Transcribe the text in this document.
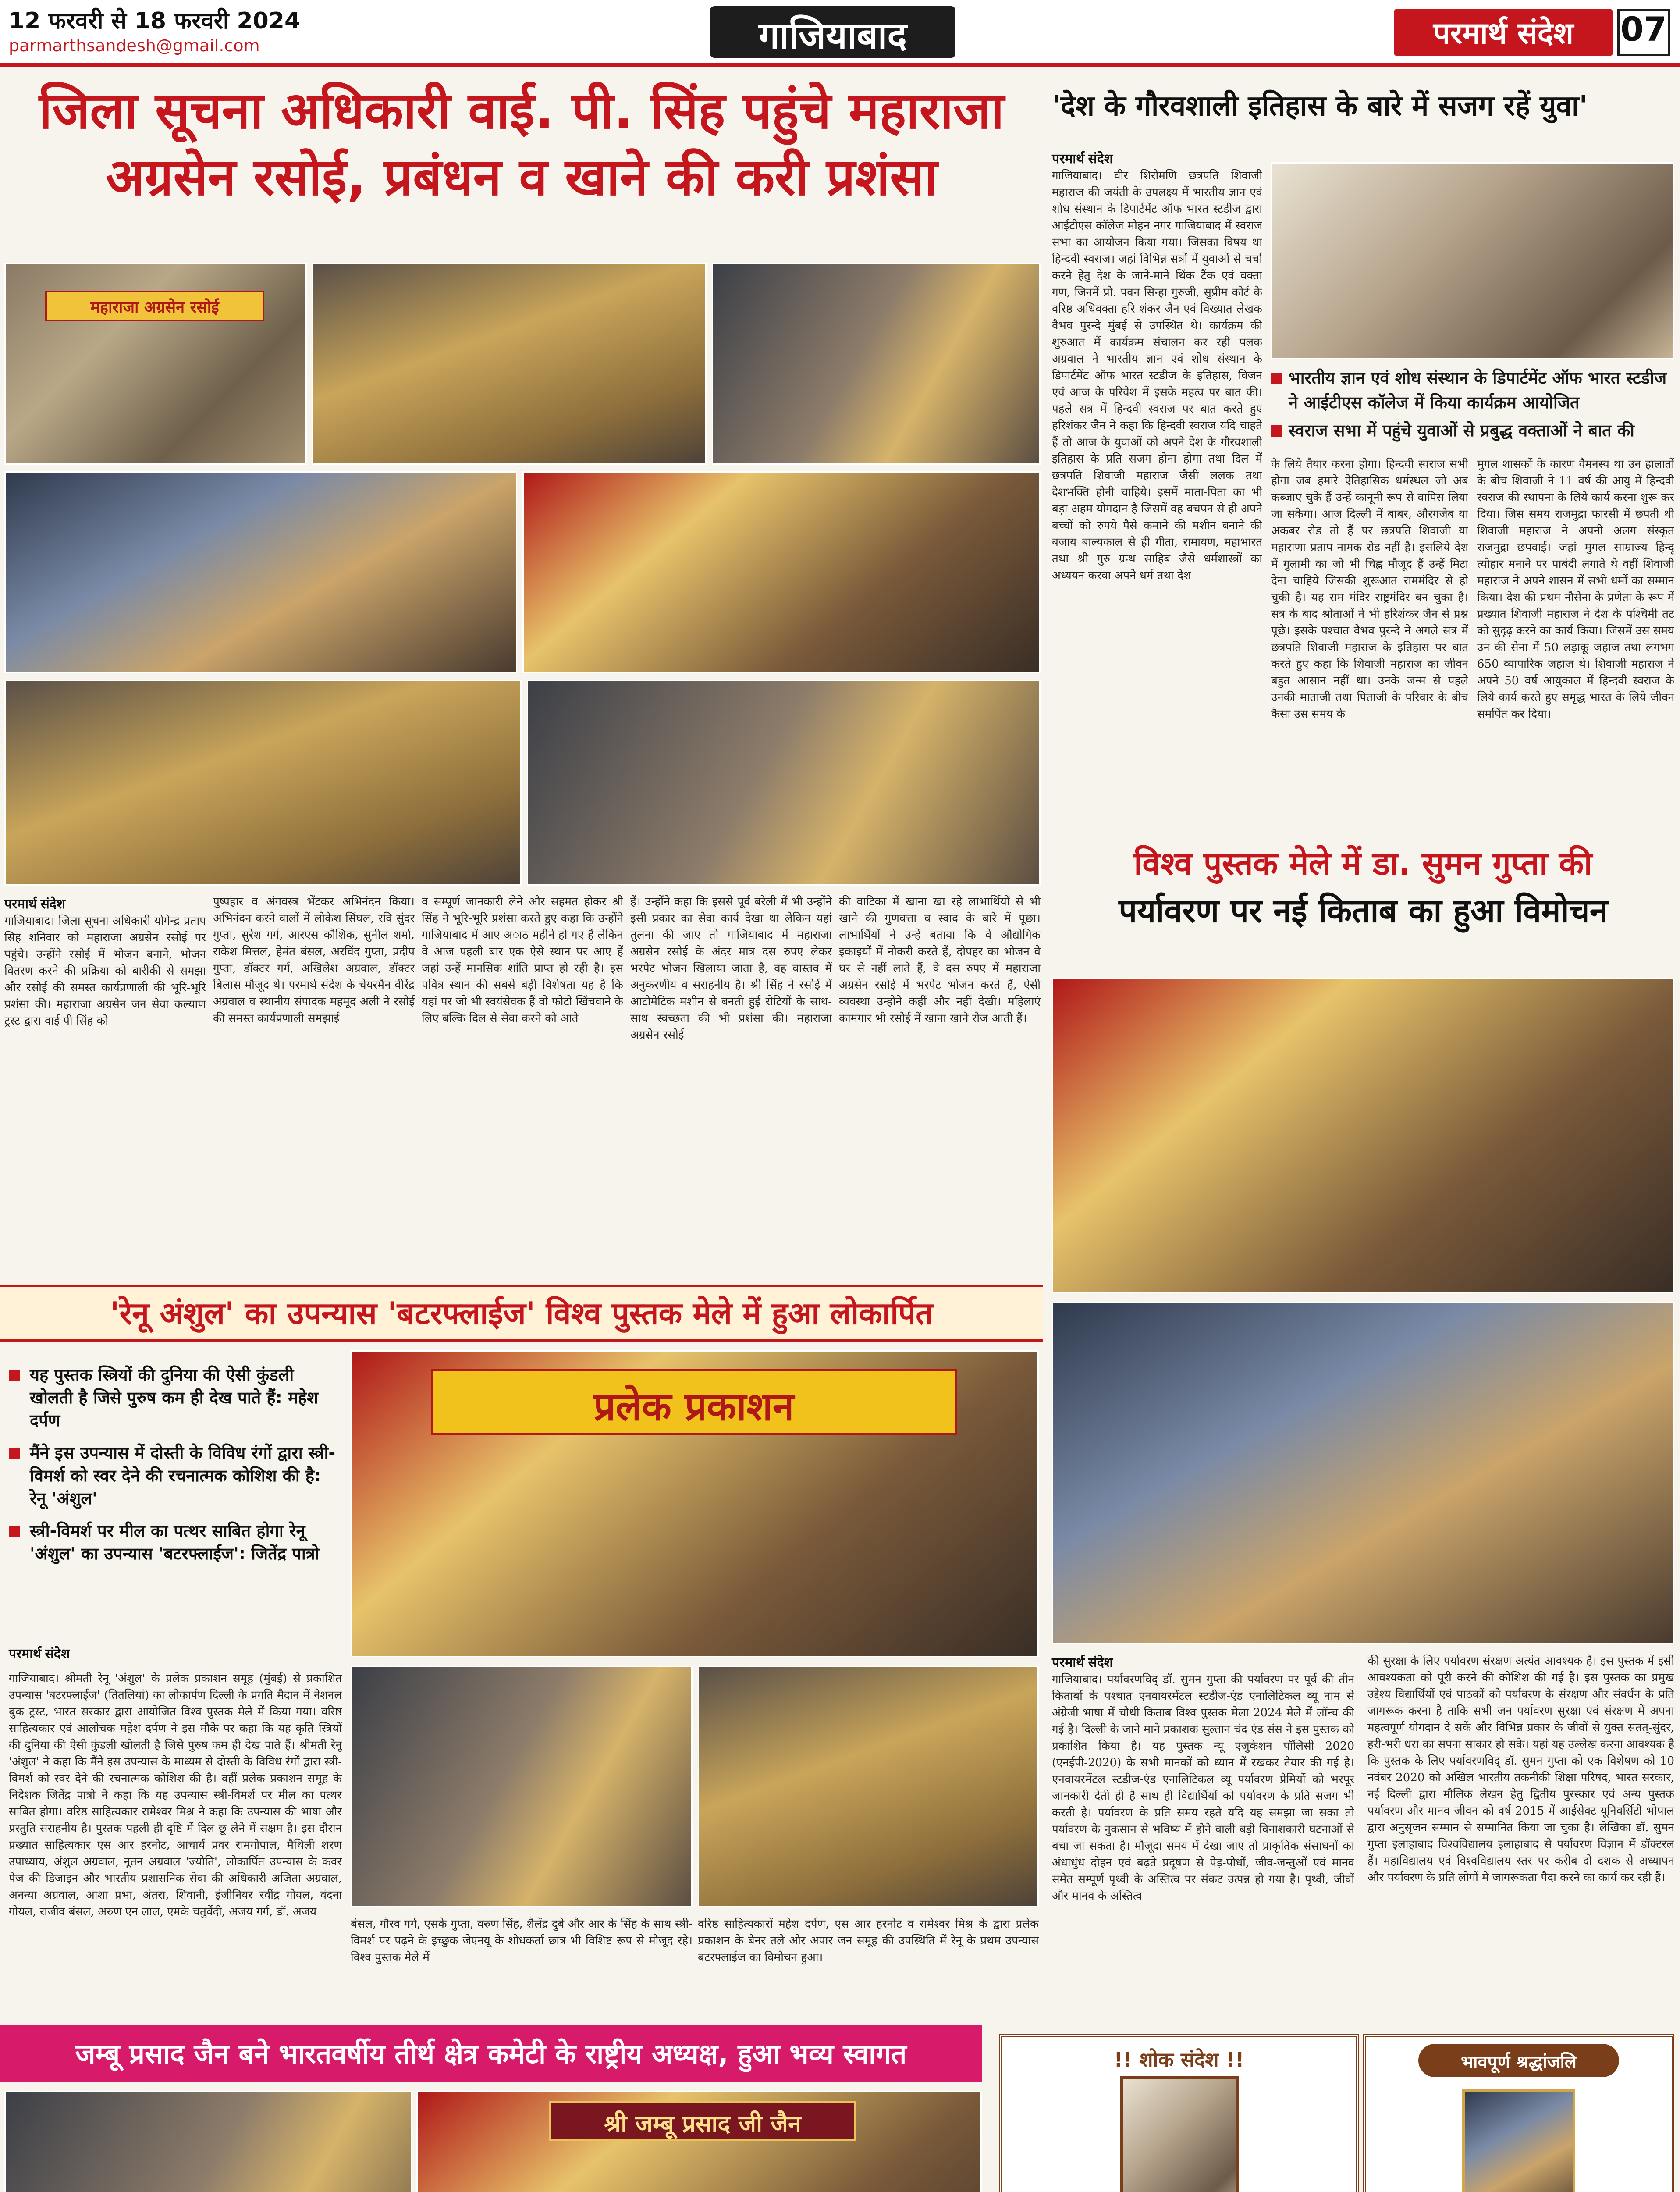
12 फरवरी से 18 फरवरी 2024
parmarthsandesh@gmail.com	गाजियाबाद	परमार्थ संदेश	07
जिला सूचना अधिकारी वाई. पी. सिंह पहुंचे महाराजा
अग्रसेन रसोई, प्रबंधन व खाने की करी प्रशंसा
महाराजा अग्रसेन रसोई
परमार्थ संदेश
गाजियाबाद। जिला सूचना अधिकारी योगेन्द्र प्रताप सिंह शनिवार को महाराजा अग्रसेन रसोई पर पहुंचे। उन्होंने रसोई में भोजन बनाने, भोजन वितरण करने की प्रक्रिया को बारीकी से समझा और रसोई की समस्त कार्यप्रणाली की भूरि-भूरि प्रशंसा की। महाराजा अग्रसेन जन सेवा कल्याण ट्रस्ट द्वारा वाई पी सिंह को
पुष्पहार व अंगवस्त्र भेंटकर अभिनंदन किया। अभिनंदन करने वालों में लोकेश सिंघल, रवि सुंदर गुप्ता, सुरेश गर्ग, आरएस कौशिक, सुनील शर्मा, राकेश मित्तल, हेमंत बंसल, अरविंद गुप्ता, प्रदीप गुप्ता, डॉक्टर गर्ग, अखिलेश अग्रवाल, डॉक्टर बिलास मौजूद थे। परमार्थ संदेश के चेयरमैन वीरेंद्र अग्रवाल व स्थानीय संपादक महमूद अली ने रसोई की समस्त कार्यप्रणाली समझाई
व सम्पूर्ण जानकारी लेने और सहमत होकर श्री सिंह ने भूरि-भूरि प्रशंसा करते हुए कहा कि उन्होंने गाजियाबाद में आए अाठ महीने हो गए हैं लेकिन वे आज पहली बार एक ऐसे स्थान पर आए हैं जहां उन्हें मानसिक शांति प्राप्त हो रही है। इस पवित्र स्थान की सबसे बड़ी विशेषता यह है कि यहां पर जो भी स्वयंसेवक हैं वो फोटो खिंचवाने के लिए बल्कि दिल से सेवा करने को आते
हैं। उन्होंने कहा कि इससे पूर्व बरेली में भी उन्होंने इसी प्रकार का सेवा कार्य देखा था लेकिन यहां तुलना की जाए तो गाजियाबाद में महाराजा अग्रसेन रसोई के अंदर मात्र दस रुपए लेकर भरपेट भोजन खिलाया जाता है, वह वास्तव में अनुकरणीय व सराहनीय है। श्री सिंह ने रसोई में आटोमेटिक मशीन से बनती हुई रोटियों के साथ-साथ स्वच्छता की भी प्रशंसा की। महाराजा अग्रसेन रसोई
की वाटिका में खाना खा रहे लाभार्थियों से भी खाने की गुणवत्ता व स्वाद के बारे में पूछा। लाभार्थियों ने उन्हें बताया कि वे औद्योगिक इकाइयों में नौकरी करते हैं, दोपहर का भोजन वे घर से नहीं लाते हैं, वे दस रुपए में महाराजा अग्रसेन रसोई में भरपेट भोजन करते हैं, ऐसी व्यवस्था उन्होंने कहीं और नहीं देखी। महिलाएं कामगार भी रसोई में खाना खाने रोज आती हैं।
'देश के गौरवशाली इतिहास के बारे में सजग रहें युवा'
परमार्थ संदेश
गाजियाबाद। वीर शिरोमणि छत्रपति शिवाजी महाराज की जयंती के उपलक्ष्य में भारतीय ज्ञान एवं शोध संस्थान के डिपार्टमेंट ऑफ भारत स्टडीज द्वारा आईटीएस कॉलेज मोहन नगर गाजियाबाद में स्वराज सभा का आयोजन किया गया। जिसका विषय था हिन्दवी स्वराज। जहां विभिन्न सत्रों में युवाओं से चर्चा करने हेतु देश के जाने-माने थिंक टैंक एवं वक्ता गण, जिनमें प्रो. पवन सिन्हा गुरुजी, सुप्रीम कोर्ट के वरिष्ठ अधिवक्ता हरि शंकर जैन एवं विख्यात लेखक वैभव पुरन्दे मुंबई से उपस्थित थे। कार्यक्रम की शुरुआत में कार्यक्रम संचालन कर रही पलक अग्रवाल ने भारतीय ज्ञान एवं शोध संस्थान के डिपार्टमेंट ऑफ भारत स्टडीज के इतिहास, विजन एवं आज के परिवेश में इसके महत्व पर बात की। पहले सत्र में हिन्दवी स्वराज पर बात करते हुए हरिशंकर जैन ने कहा कि हिन्दवी स्वराज यदि चाहते हैं तो आज के युवाओं को अपने देश के गौरवशाली इतिहास के प्रति सजग होना होगा तथा दिल में छत्रपति शिवाजी महाराज जैसी ललक तथा देशभक्ति होनी चाहिये। इसमें माता-पिता का भी बड़ा अहम योगदान है जिसमें वह बचपन से ही अपने बच्चों को रुपये पैसे कमाने की मशीन बनाने की बजाय बाल्यकाल से ही गीता, रामायण, महाभारत तथा श्री गुरु ग्रन्थ साहिब जैसे धर्मशास्त्रों का अध्ययन करवा अपने धर्म तथा देश
भारतीय ज्ञान एवं शोध संस्थान के डिपार्टमेंट ऑफ भारत स्टडीज ने आईटीएस कॉलेज में किया कार्यक्रम आयोजित
स्वराज सभा में पहुंचे युवाओं से प्रबुद्ध वक्ताओं ने बात की
के लिये तैयार करना होगा। हिन्दवी स्वराज सभी होगा जब हमारे ऐतिहासिक धर्मस्थल जो अब कब्जाए चुके हैं उन्हें कानूनी रूप से वापिस लिया जा सकेगा। आज दिल्ली में बाबर, औरंगजेब या अकबर रोड तो हैं पर छत्रपति शिवाजी या महाराणा प्रताप नामक रोड नहीं है। इसलिये देश में गुलामी का जो भी चिह्न मौजूद हैं उन्हें मिटा देना चाहिये जिसकी शुरूआत राममंदिर से हो चुकी है। यह राम मंदिर राष्ट्रमंदिर बन चुका है। सत्र के बाद श्रोताओं ने भी हरिशंकर जैन से प्रश्न पूछे। इसके पश्चात वैभव पुरन्दे ने अगले सत्र में छत्रपति शिवाजी महाराज के इतिहास पर बात करते हुए कहा कि शिवाजी महाराज का जीवन बहुत आसान नहीं था। उनके जन्म से पहले उनकी माताजी तथा पिताजी के परिवार के बीच कैसा उस समय के
मुगल शासकों के कारण वैमनस्य था उन हालातों के बीच शिवाजी ने 11 वर्ष की आयु में हिन्दवी स्वराज की स्थापना के लिये कार्य करना शुरू कर दिया। जिस समय राजमुद्रा फारसी में छपती थी शिवाजी महाराज ने अपनी अलग संस्कृत राजमुद्रा छपवाई। जहां मुगल साम्राज्य हिन्दू त्योहार मनाने पर पाबंदी लगाते थे वहीं शिवाजी महाराज ने अपने शासन में सभी धर्मों का सम्मान किया। देश की प्रथम नौसेना के प्रणेता के रूप में प्रख्यात शिवाजी महाराज ने देश के पश्चिमी तट को सुदृढ़ करने का कार्य किया। जिसमें उस समय उन की सेना में 50 लड़ाकू जहाज तथा लगभग 650 व्यापारिक जहाज थे। शिवाजी महाराज ने अपने 50 वर्ष आयुकाल में हिन्दवी स्वराज के लिये कार्य करते हुए समृद्ध भारत के लिये जीवन समर्पित कर दिया।
विश्व पुस्तक मेले में डा. सुमन गुप्ता की
पर्यावरण पर नई किताब का हुआ विमोचन
परमार्थ संदेश
गाजियाबाद। पर्यावरणविद् डॉ. सुमन गुप्ता की पर्यावरण पर पूर्व की तीन किताबों के पश्चात एनवायरमेंटल स्टडीज-एंड एनालिटिकल व्यू नाम से अंग्रेजी भाषा में चौथी किताब विश्व पुस्तक मेला 2024 मेले में लॉन्च की गई है। दिल्ली के जाने माने प्रकाशक सुल्तान चंद एंड संस ने इस पुस्तक को प्रकाशित किया है। यह पुस्तक न्यू एजुकेशन पॉलिसी 2020 (एनईपी-2020) के सभी मानकों को ध्यान में रखकर तैयार की गई है। एनवायरमेंटल स्टडीज-एंड एनालिटिकल व्यू पर्यावरण प्रेमियों को भरपूर जानकारी देती ही है साथ ही विद्यार्थियों को पर्यावरण के प्रति सजग भी करती है। पर्यावरण के प्रति समय रहते यदि यह समझा जा सका तो पर्यावरण के नुकसान से भविष्य में होने वाली बड़ी विनाशकारी घटनाओं से बचा जा सकता है। मौजूदा समय में देखा जाए तो प्राकृतिक संसाधनों का अंधाधुंध दोहन एवं बढ़ते प्रदूषण से पेड़-पौधों, जीव-जन्तुओं एवं मानव समेत सम्पूर्ण पृथ्वी के अस्तित्व पर संकट उत्पन्न हो गया है। पृथ्वी, जीवों और मानव के अस्तित्व
की सुरक्षा के लिए पर्यावरण संरक्षण अत्यंत आवश्यक है। इस पुस्तक में इसी आवश्यकता को पूरी करने की कोशिश की गई है। इस पुस्तक का प्रमुख उद्देश्य विद्यार्थियों एवं पाठकों को पर्यावरण के संरक्षण और संवर्धन के प्रति जागरूक करना है ताकि सभी जन पर्यावरण सुरक्षा एवं संरक्षण में अपना महत्वपूर्ण योगदान दे सकें और विभिन्न प्रकार के जीवों से युक्त सतत्-सुंदर, हरी-भरी धरा का सपना साकार हो सके। यहां यह उल्लेख करना आवश्यक है कि पुस्तक के लिए पर्यावरणविद् डॉ. सुमन गुप्ता को एक विशेषण को 10 नवंबर 2020 को अखिल भारतीय तकनीकी शिक्षा परिषद, भारत सरकार, नई दिल्ली द्वारा मौलिक लेखन हेतु द्वितीय पुरस्कार एवं अन्य पुस्तक पर्यावरण और मानव जीवन को वर्ष 2015 में आईसेक्ट यूनिवर्सिटी भोपाल द्वारा अनुसृजन सम्मान से सम्मानित किया जा चुका है। लेखिका डॉ. सुमन गुप्ता इलाहाबाद विश्वविद्यालय इलाहाबाद से पर्यावरण विज्ञान में डॉक्टरल हैं। महाविद्यालय एवं विश्वविद्यालय स्तर पर करीब दो दशक से अध्यापन और पर्यावरण के प्रति लोगों में जागरूकता पैदा करने का कार्य कर रही हैं।
'रेनू अंशुल' का उपन्यास 'बटरफ्लाईज' विश्व पुस्तक मेले में हुआ लोकार्पित
यह पुस्तक स्त्रियों की दुनिया की ऐसी कुंडली खोलती है जिसे पुरुष कम ही देख पाते हैं: महेश दर्पण
मैंने इस उपन्यास में दोस्ती के विविध रंगों द्वारा स्त्री-विमर्श को स्वर देने की रचनात्मक कोशिश की है: रेनू 'अंशुल'
स्त्री-विमर्श पर मील का पत्थर साबित होगा रेनू 'अंशुल' का उपन्यास 'बटरफ्लाईज': जितेंद्र पात्रो
प्रलेक प्रकाशन
परमार्थ संदेश
गाजियाबाद। श्रीमती रेनू 'अंशुल' के प्रलेक प्रकाशन समूह (मुंबई) से प्रकाशित उपन्यास 'बटरफ्लाईज' (तितलियां) का लोकार्पण दिल्ली के प्रगति मैदान में नेशनल बुक ट्रस्ट, भारत सरकार द्वारा आयोजित विश्व पुस्तक मेले में किया गया। वरिष्ठ साहित्यकार एवं आलोचक महेश दर्पण ने इस मौके पर कहा कि यह कृति स्त्रियों की दुनिया की ऐसी कुंडली खोलती है जिसे पुरुष कम ही देख पाते हैं। श्रीमती रेनू 'अंशुल' ने कहा कि मैंने इस उपन्यास के माध्यम से दोस्ती के विविध रंगों द्वारा स्त्री-विमर्श को स्वर देने की रचनात्मक कोशिश की है। वहीं प्रलेक प्रकाशन समूह के निदेशक जितेंद्र पात्रो ने कहा कि यह उपन्यास स्त्री-विमर्श पर मील का पत्थर साबित होगा। वरिष्ठ साहित्यकार रामेश्वर मिश्र ने कहा कि उपन्यास की भाषा और प्रस्तुति सराहनीय है। पुस्तक पहली ही दृष्टि में दिल छू लेने में सक्षम है। इस दौरान प्रख्यात साहित्यकार एस आर हरनोट, आचार्य प्रवर रामगोपाल, मैथिली शरण उपाध्याय, अंशुल अग्रवाल, नूतन अग्रवाल 'ज्योति', लोकार्पित उपन्यास के कवर पेज की डिजाइन और भारतीय प्रशासनिक सेवा की अधिकारी अजिता अग्रवाल, अनन्या अग्रवाल, आशा प्रभा, अंतरा, शिवानी, इंजीनियर रवींद्र गोयल, वंदना गोयल, राजीव बंसल, अरुण एन लाल, एमके चतुर्वेदी, अजय गर्ग, डॉ. अजय
बंसल, गौरव गर्ग, एसके गुप्ता, वरुण सिंह, शैलेंद्र दुबे और आर के सिंह के साथ स्त्री-विमर्श पर पढ़ने के इच्छुक जेएनयू के शोधकर्ता छात्र भी विशिष्ट रूप से मौजूद रहे। विश्व पुस्तक मेले में
वरिष्ठ साहित्यकारों महेश दर्पण, एस आर हरनोट व रामेश्वर मिश्र के द्वारा प्रलेक प्रकाशन के बैनर तले और अपार जन समूह की उपस्थिति में रेनू के प्रथम उपन्यास बटरफ्लाईज का विमोचन हुआ।
जम्बू प्रसाद जैन बने भारतवर्षीय तीर्थ क्षेत्र कमेटी के राष्ट्रीय अध्यक्ष, हुआ भव्य स्वागत
श्री जम्बू प्रसाद जी जैन
!! शोक संदेश !!	भावपूर्ण श्रद्धांजलि
